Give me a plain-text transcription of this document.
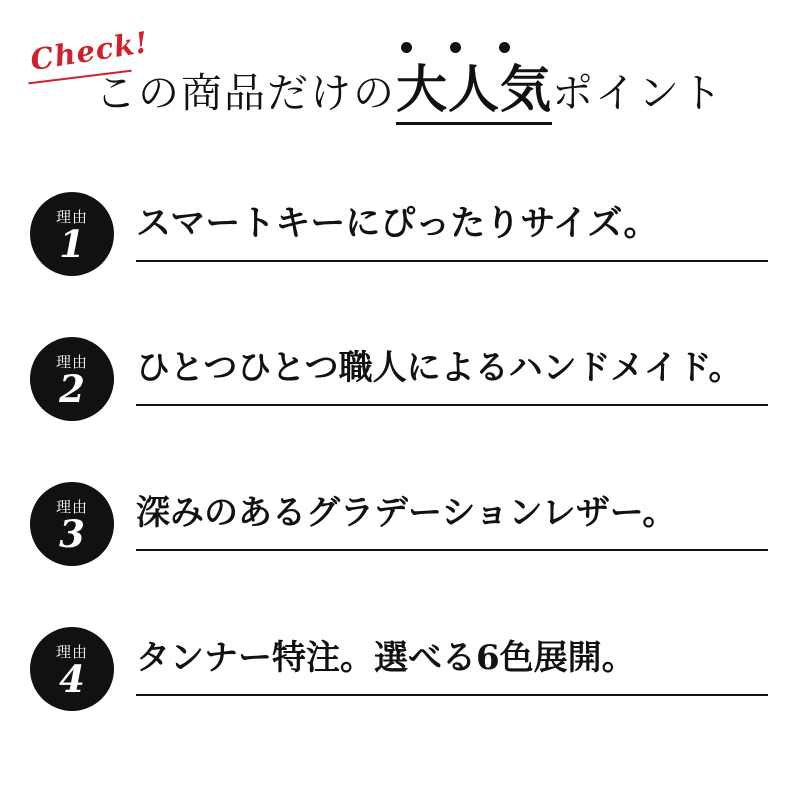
Check!
この商品だけの大人気ポイント
理由
1 スマートキーにぴったりサイズ。
理由
2 ひとつひとつ職人によるハンドメイド。
理由
3 深みのあるグラデーションレザー。
理由
4 タンナー特注。選べる6色展開。
